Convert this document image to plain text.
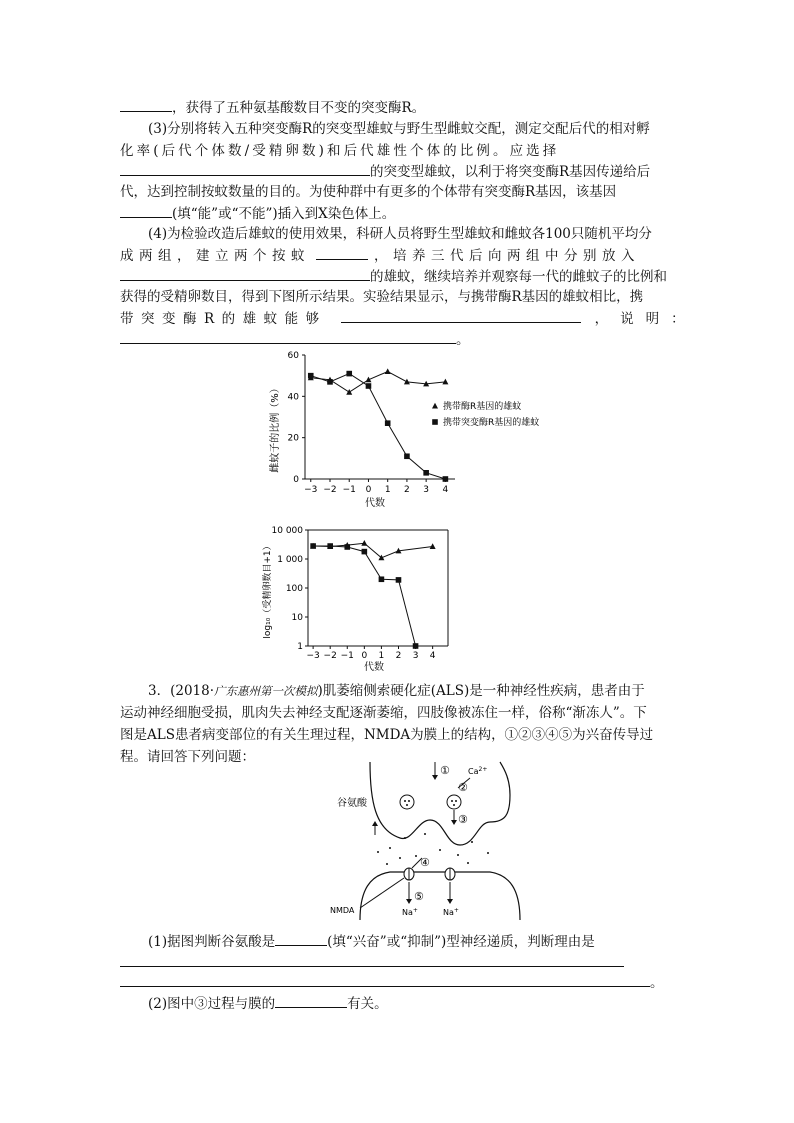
，获得了五种氨基酸数目不变的突变酶R。
(3)分别将转入五种突变酶R的突变型雄蚊与野生型雌蚊交配，测定交配后代的相对孵
化率(后代个体数/受精卵数)和后代雄性个体的比例。应选择
的突变型雄蚊，以利于将突变酶R基因传递给后
代，达到控制按蚊数量的目的。为使种群中有更多的个体带有突变酶R基因，该基因
(填“能”或“不能”)插入到X染色体上。
(4)为检验改造后雄蚊的使用效果，科研人员将野生型雄蚊和雌蚊各100只随机平均分
成两组，建立两个按蚊	，培养三代后向两组中分别放入
的雄蚊，继续培养并观察每一代的雌蚊子的比例和
获得的受精卵数目，得到下图所示结果。实验结果显示，与携带酶R基因的雄蚊相比，携
带突变酶R的雄蚊能够	，说明：
。
雌蚊子的比例（%）
代数
0
20
40
60
−3 −2 −1 0 1 2 3 4
携带酶R基因的雄蚊
携带突变酶R基因的雄蚊
log₁₀（受精卵数目+1）
代数
1
10
100
1 000
10 000
−3 −2 −1 0 1 2 3 4
3．(2018·广东惠州第一次模拟)肌萎缩侧索硬化症(ALS)是一种神经性疾病，患者由于
运动神经细胞受损，肌肉失去神经支配逐渐萎缩，四肢像被冻住一样，俗称“渐冻人”。下
图是ALS患者病变部位的有关生理过程，NMDA为膜上的结构，①②③④⑤为兴奋传导过
程。请回答下列问题：
谷氨酸
① $Ca^{2+}$
②
③
④
⑤
Na+	Na+
NMDA
(1)据图判断谷氨酸是	(填“兴奋”或“抑制”)型神经递质，判断理由是
。
(2)图中③过程与膜的	有关。
